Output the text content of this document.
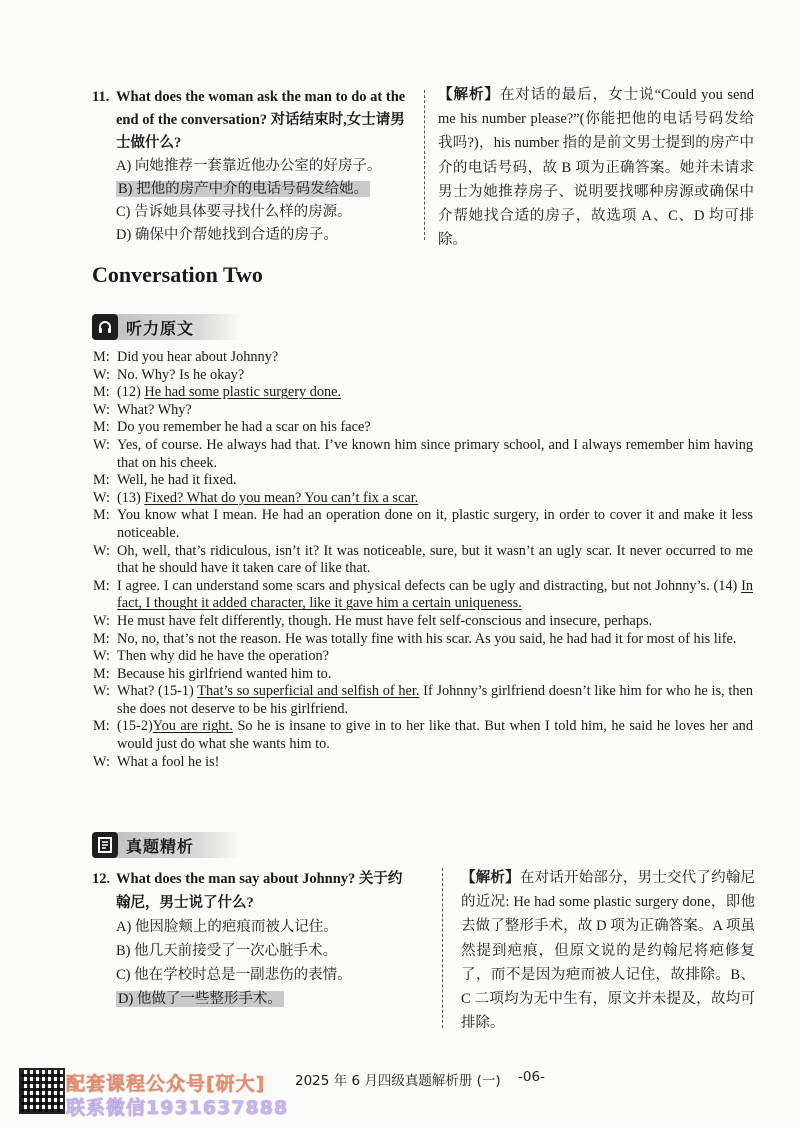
11. What does the woman ask the man to do at the end of the conversation? 对话结束时,女士请男士做什么?
A) 向她推荐一套靠近他办公室的好房子。
B) 把他的房产中介的电话号码发给她。
C) 告诉她具体要寻找什么样的房源。
D) 确保中介帮她找到合适的房子。
【解析】在对话的最后，女士说“Could you send me his number please?”(你能把他的电话号码发给我吗?)，his number 指的是前文男士提到的房产中介的电话号码，故 B 项为正确答案。她并未请求男士为她推荐房子、说明要找哪种房源或确保中介帮她找合适的房子，故选项 A、C、D 均可排除。
Conversation Two
听力原文
M: Did you hear about Johnny?
W: No. Why? Is he okay?
M: (12) He had some plastic surgery done.
W: What? Why?
M: Do you remember he had a scar on his face?
W: Yes, of course. He always had that. I’ve known him since primary school, and I always remember him having that on his cheek.
M: Well, he had it fixed.
W: (13) Fixed? What do you mean? You can’t fix a scar.
M: You know what I mean. He had an operation done on it, plastic surgery, in order to cover it and make it less noticeable.
W: Oh, well, that’s ridiculous, isn’t it? It was noticeable, sure, but it wasn’t an ugly scar. It never occurred to me that he should have it taken care of like that.
M: I agree. I can understand some scars and physical defects can be ugly and distracting, but not Johnny’s. (14) In fact, I thought it added character, like it gave him a certain uniqueness.
W: He must have felt differently, though. He must have felt self-conscious and insecure, perhaps.
M: No, no, that’s not the reason. He was totally fine with his scar. As you said, he had had it for most of his life.
W: Then why did he have the operation?
M: Because his girlfriend wanted him to.
W: What? (15-1) That’s so superficial and selfish of her. If Johnny’s girlfriend doesn’t like him for who he is, then she does not deserve to be his girlfriend.
M: (15-2)You are right. So he is insane to give in to her like that. But when I told him, he said he loves her and would just do what she wants him to.
W: What a fool he is!
真题精析
12. What does the man say about Johnny? 关于约翰尼，男士说了什么?
A) 他因脸颊上的疤痕而被人记住。
B) 他几天前接受了一次心脏手术。
C) 他在学校时总是一副悲伤的表情。
D) 他做了一些整形手术。
【解析】在对话开始部分，男士交代了约翰尼的近况: He had some plastic surgery done，即他去做了整形手术，故 D 项为正确答案。A 项虽然提到疤痕，但原文说的是约翰尼将疤修复了，而不是因为疤而被人记住，故排除。B、C 二项均为无中生有，原文并未提及，故均可排除。
配套课程公众号[研大]
联系微信1931637888
2025 年 6 月四级真题解析册 (一) -06-
